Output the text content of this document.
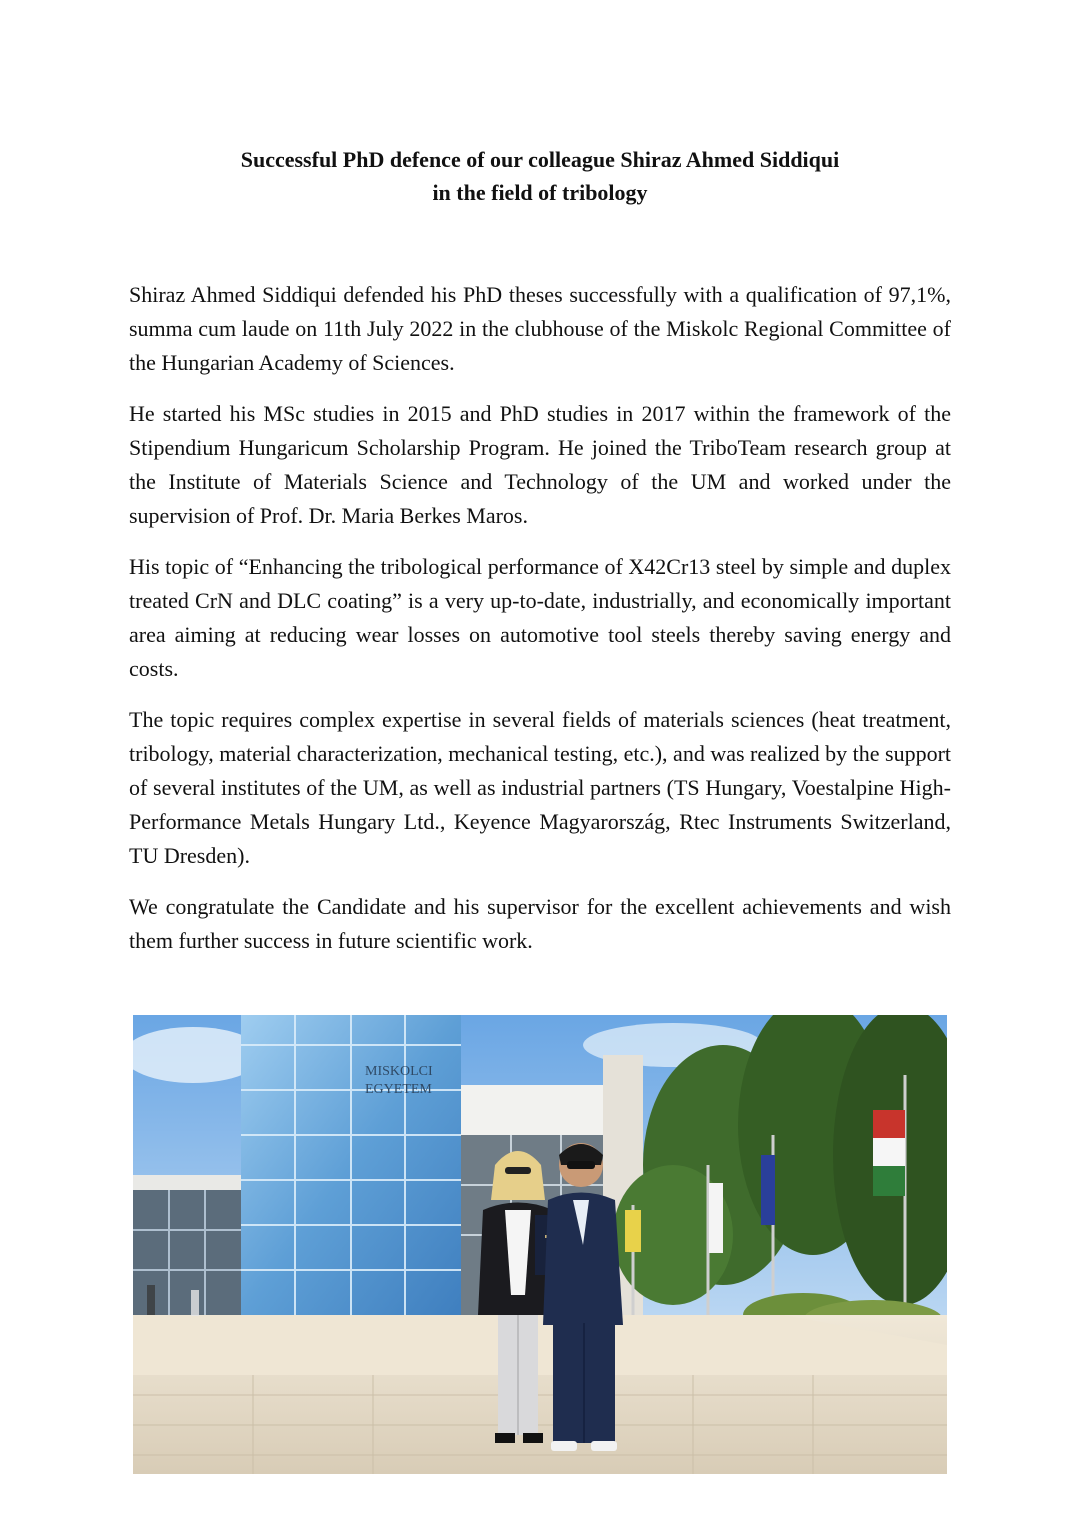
Successful PhD defence of our colleague Shiraz Ahmed Siddiqui
in the field of tribology

Shiraz Ahmed Siddiqui defended his PhD theses successfully with a qualification of 97,1%, summa cum laude on 11th July 2022 in the clubhouse of the Miskolc Regional Committee of the Hungarian Academy of Sciences.

He started his MSc studies in 2015 and PhD studies in 2017 within the framework of the Stipendium Hungaricum Scholarship Program. He joined the TriboTeam research group at the Institute of Materials Science and Technology of the UM and worked under the supervision of Prof. Dr. Maria Berkes Maros.

His topic of “Enhancing the tribological performance of X42Cr13 steel by simple and duplex treated CrN and DLC coating” is a very up-to-date, industrially, and economically important area aiming at reducing wear losses on automotive tool steels thereby saving energy and costs.

The topic requires complex expertise in several fields of materials sciences (heat treatment, tribology, material characterization, mechanical testing, etc.), and was realized by the support of several institutes of the UM, as well as industrial partners (TS Hungary, Voestalpine High-Performance Metals Hungary Ltd., Keyence Magyarország, Rtec Instruments Switzerland, TU Dresden).

We congratulate the Candidate and his supervisor for the excellent achievements and wish them further success in future scientific work.

MISKOLCI
EGYETEM
